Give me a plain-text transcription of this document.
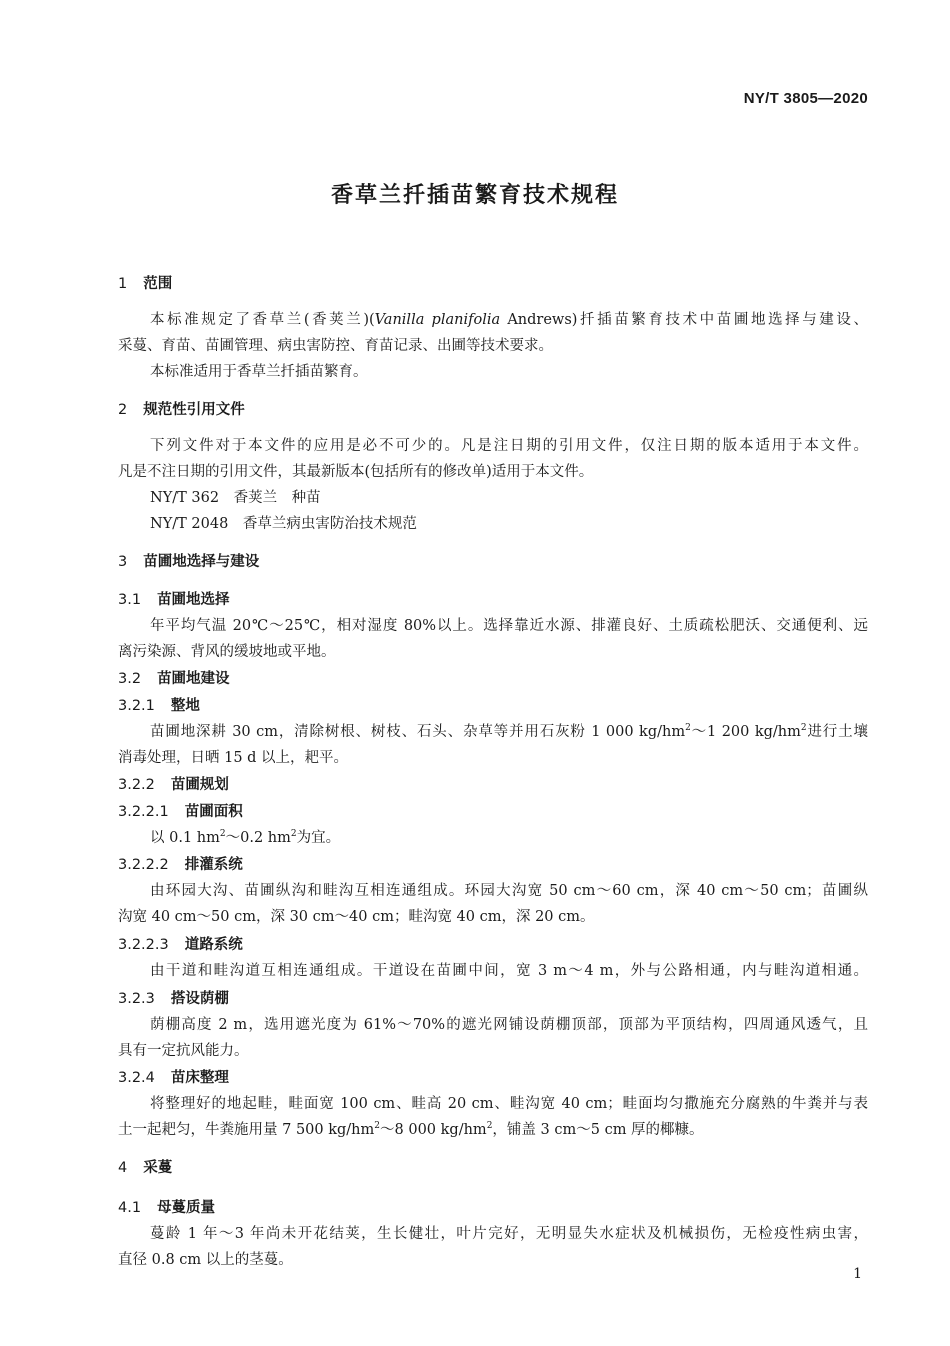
NY/T 3805—2020
香草兰扦插苗繁育技术规程
1 范围
本标准规定了香草兰(香荚兰)(Vanilla planifolia Andrews)扦插苗繁育技术中苗圃地选择与建设、
采蔓、育苗、苗圃管理、病虫害防控、育苗记录、出圃等技术要求。
本标准适用于香草兰扦插苗繁育。
2 规范性引用文件
下列文件对于本文件的应用是必不可少的。凡是注日期的引用文件，仅注日期的版本适用于本文件。
凡是不注日期的引用文件，其最新版本(包括所有的修改单)适用于本文件。
NY/T 362　 香荚兰　种苗
NY/T 2048　 香草兰病虫害防治技术规范
3 苗圃地选择与建设
3.1 苗圃地选择
年平均气温 20℃～25℃，相对湿度 80%以上。选择靠近水源、排灌良好、土质疏松肥沃、交通便利、远
离污染源、背风的缓坡地或平地。
3.2 苗圃地建设
3.2.1 整地
苗圃地深耕 30 cm，清除树根、树枝、石头、杂草等并用石灰粉 1 000 $kg/hm^2\sim 1$ 200 $kg/hm^2$进行土壤
消毒处理，日晒 15 d 以上，耙平。
3.2.2 苗圃规划
3.2.2.1 苗圃面积
以 0.1 $hm^2\sim 0.2$ $hm^2$为宜。
3.2.2.2 排灌系统
由环园大沟、苗圃纵沟和畦沟互相连通组成。环园大沟宽 50 cm～60 cm，深 40 cm～50 cm；苗圃纵
沟宽 40 cm～50 cm，深 30 cm～40 cm；畦沟宽 40 cm，深 20 cm。
3.2.2.3 道路系统
由干道和畦沟道互相连通组成。干道设在苗圃中间，宽 3 m～4 m，外与公路相通，内与畦沟道相通。
3.2.3 搭设荫棚
荫棚高度 2 m，选用遮光度为 61%～70%的遮光网铺设荫棚顶部，顶部为平顶结构，四周通风透气，且
具有一定抗风能力。
3.2.4 苗床整理
将整理好的地起畦，畦面宽 100 cm、畦高 20 cm、畦沟宽 40 cm；畦面均匀撒施充分腐熟的牛粪并与表
土一起耙匀，牛粪施用量 7 500 $kg/hm^2\sim 8$ 000 $kg/hm^2$，铺盖 3 cm～5 cm 厚的椰糠。
4 采蔓
4.1 母蔓质量
蔓龄 1 年～3 年尚未开花结荚，生长健壮，叶片完好，无明显失水症状及机械损伤，无检疫性病虫害，
直径 0.8 cm 以上的茎蔓。
1
